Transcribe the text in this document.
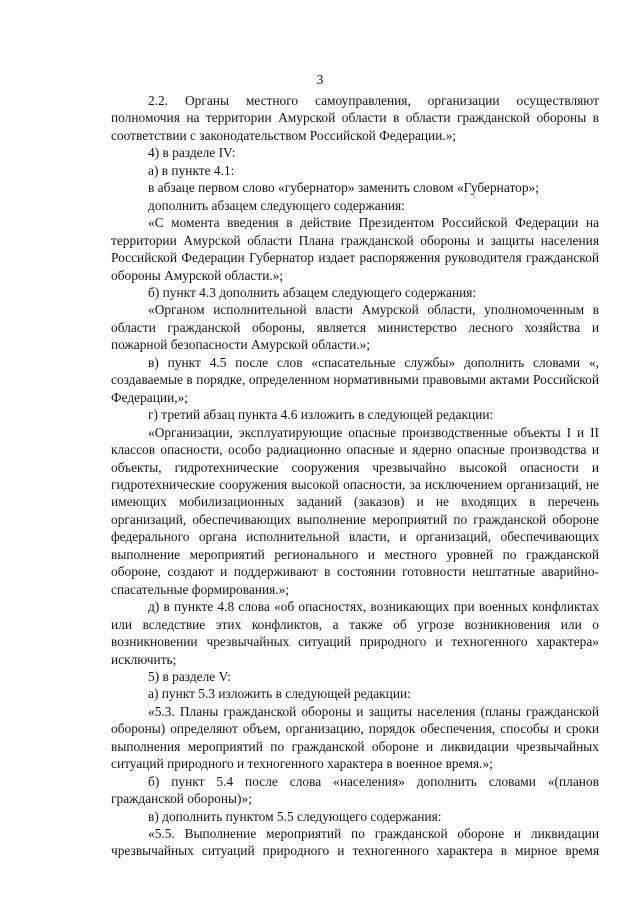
3

2.2. Органы местного самоуправления, организации осуществляют полномочия на территории Амурской области в области гражданской обороны в соответствии с законодательством Российской Федерации.»;

4) в разделе IV:

а) в пункте 4.1:

в абзаце первом слово «губернатор» заменить словом «Губернатор»;

дополнить абзацем следующего содержания:

«С момента введения в действие Президентом Российской Федерации на территории Амурской области Плана гражданской обороны и защиты населения Российской Федерации Губернатор издает распоряжения руководителя гражданской обороны Амурской области.»;

б) пункт 4.3 дополнить абзацем следующего содержания:

«Органом исполнительной власти Амурской области, уполномоченным в области гражданской обороны, является министерство лесного хозяйства и пожарной безопасности Амурской области.»;

в) пункт 4.5 после слов «спасательные службы» дополнить словами «, создаваемые в порядке, определенном нормативными правовыми актами Российской Федерации,»;

г) третий абзац пункта 4.6 изложить в следующей редакции:

«Организации, эксплуатирующие опасные производственные объекты I и II классов опасности, особо радиационно опасные и ядерно опасные производства и объекты, гидротехнические сооружения чрезвычайно высокой опасности и гидротехнические сооружения высокой опасности, за исключением организаций, не имеющих мобилизационных заданий (заказов) и не входящих в перечень организаций, обеспечивающих выполнение мероприятий по гражданской обороне федерального органа исполнительной власти, и организаций, обеспечивающих выполнение мероприятий регионального и местного уровней по гражданской обороне, создают и поддерживают в состоянии готовности нештатные аварийно-спасательные формирования.»;

д) в пункте 4.8 слова «об опасностях, возникающих при военных конфликтах или вследствие этих конфликтов, а также об угрозе возникновения или о возникновении чрезвычайных ситуаций природного и техногенного характера» исключить;

5) в разделе V:

а) пункт 5.3 изложить в следующей редакции:

«5.3. Планы гражданской обороны и защиты населения (планы гражданской обороны) определяют объем, организацию, порядок обеспечения, способы и сроки выполнения мероприятий по гражданской обороне и ликвидации чрезвычайных ситуаций природного и техногенного характера в военное время.»;

б) пункт 5.4 после слова «населения» дополнить словами «(планов гражданской обороны)»;

в) дополнить пунктом 5.5 следующего содержания:

«5.5. Выполнение мероприятий по гражданской обороне и ликвидации чрезвычайных ситуаций природного и техногенного характера в мирное время
